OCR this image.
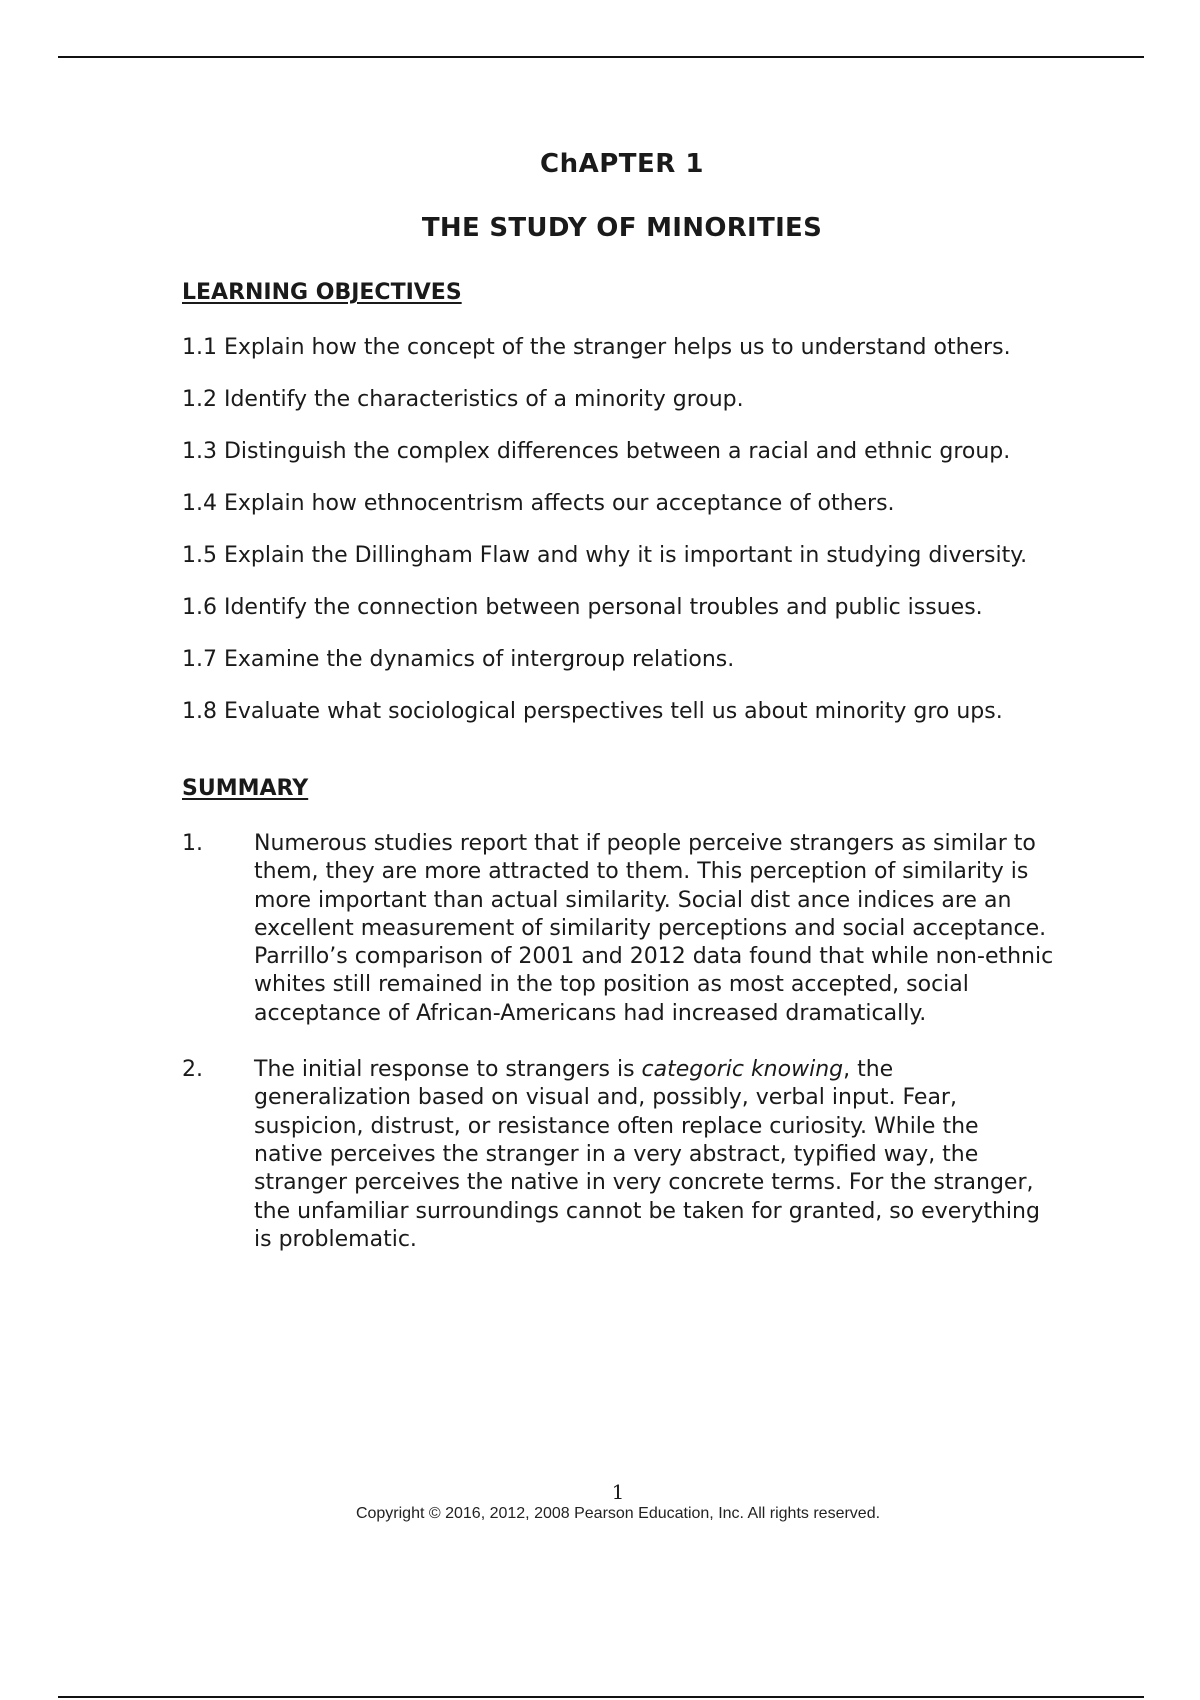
ChAPTER 1
THE STUDY OF MINORITIES
LEARNING OBJECTIVES
1.1 Explain how the concept of the stranger helps us to understand others.
1.2 Identify the characteristics of a minority group.
1.3 Distinguish the complex differences between a racial and ethnic group.
1.4 Explain how ethnocentrism affects our acceptance of others.
1.5 Explain the Dillingham Flaw and why it is important in studying diversity.
1.6 Identify the connection between personal troubles and public issues.
1.7 Examine the dynamics of intergroup relations.
1.8 Evaluate what sociological perspectives tell us about minority gro ups.
SUMMARY
1. Numerous studies report that if people perceive strangers as similar to them, they are more attracted to them. This perception of similarity is more important than actual similarity. Social dist ance indices are an excellent measurement of similarity perceptions and social acceptance. Parrillo’s comparison of 2001 and 2012 data found that while non-ethnic whites still remained in the top position as most accepted, social acceptance of African-Americans had increased dramatically.
2. The initial response to strangers is categoric knowing, the generalization based on visual and, possibly, verbal input. Fear, suspicion, distrust, or resistance often replace curiosity. While the native perceives the stranger in a very abstract, typified way, the stranger perceives the native in very concrete terms. For the stranger, the unfamiliar surroundings cannot be taken for granted, so everything is problematic.
1
Copyright © 2016, 2012, 2008 Pearson Education, Inc. All rights reserved.
